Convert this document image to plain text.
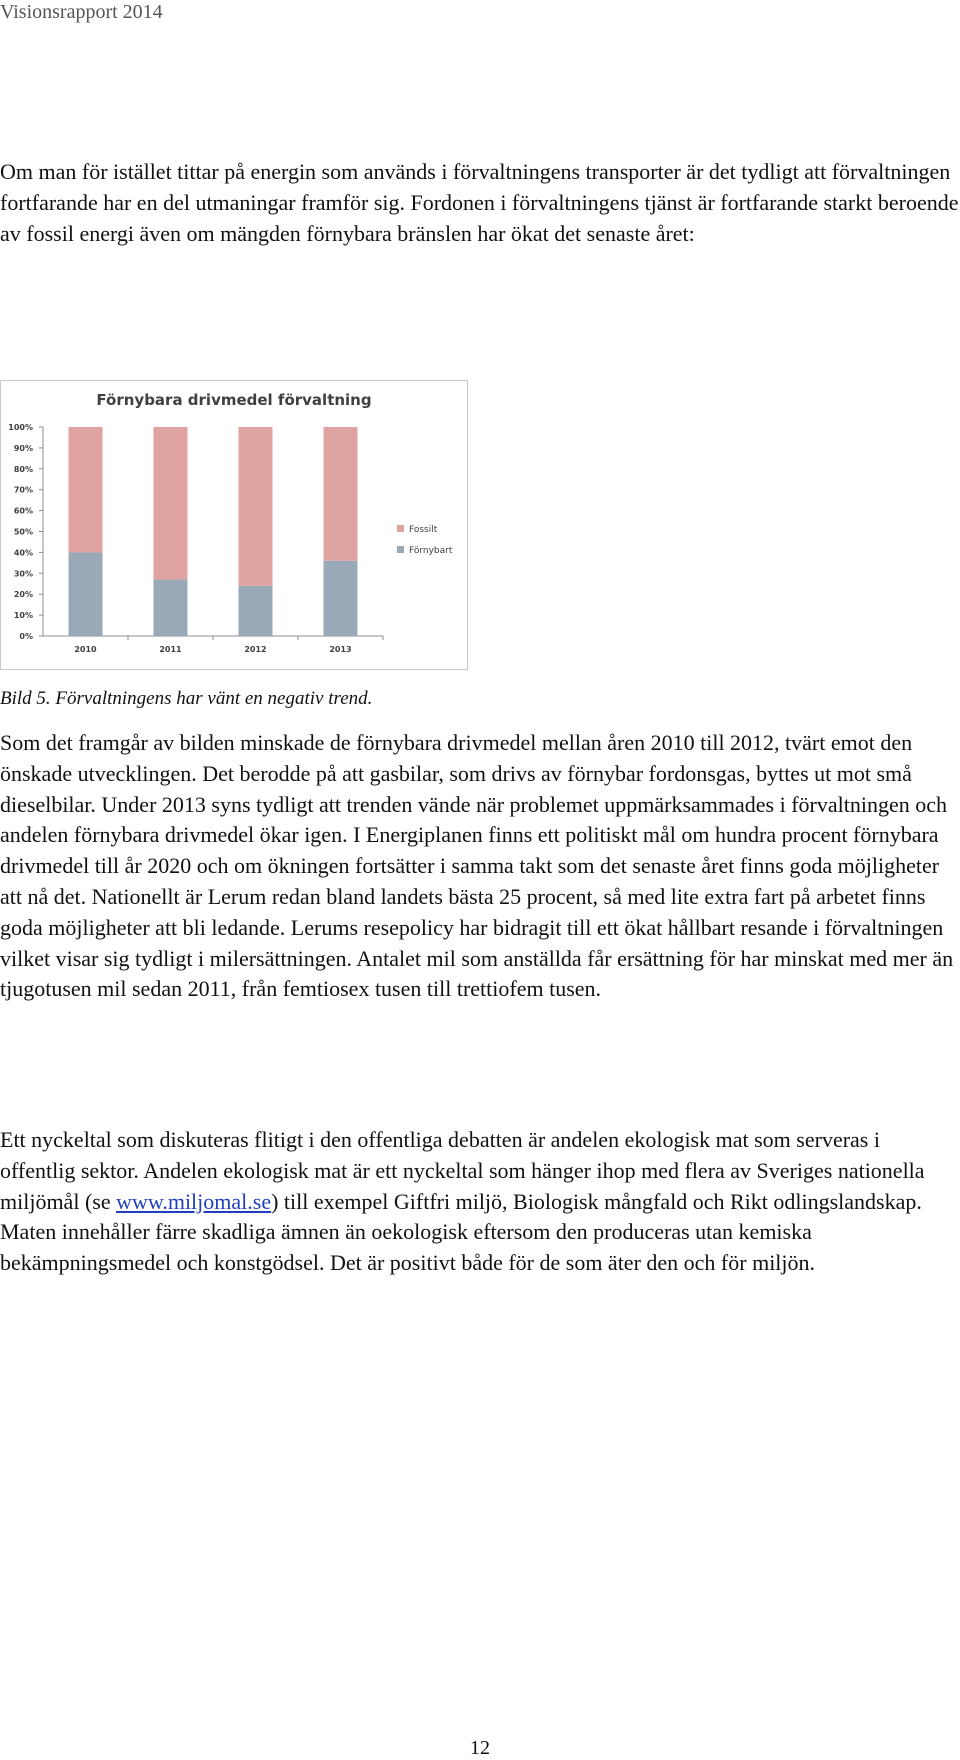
Visionsrapport 2014

Om man för istället tittar på energin som används i förvaltningens transporter är det tydligt att förvaltningen fortfarande har en del utmaningar framför sig. Fordonen i förvaltningens tjänst är fortfarande starkt beroende av fossil energi även om mängden förnybara bränslen har ökat det senaste året:

Förnybara drivmedel förvaltning
0%
10%
20%
30%
40%
50%
60%
70%
80%
90%
100%
2010	2011	2012	2013
Fossilt
Förnybart
Bild 5. Förvaltningens har vänt en negativ trend.

Som det framgår av bilden minskade de förnybara drivmedel mellan åren 2010 till 2012, tvärt emot den önskade utvecklingen. Det berodde på att gasbilar, som drivs av förnybar fordonsgas, byttes ut mot små dieselbilar. Under 2013 syns tydligt att trenden vände när problemet uppmärksammades i förvaltningen och andelen förnybara drivmedel ökar igen. I Energiplanen finns ett politiskt mål om hundra procent förnybara drivmedel till år 2020 och om ökningen fortsätter i samma takt som det senaste året finns goda möjligheter att nå det. Nationellt är Lerum redan bland landets bästa 25 procent, så med lite extra fart på arbetet finns goda möjligheter att bli ledande. Lerums resepolicy har bidragit till ett ökat hållbart resande i förvaltningen vilket visar sig tydligt i milersättningen. Antalet mil som anställda får ersättning för har minskat med mer än tjugotusen mil sedan 2011, från femtiosex tusen till trettiofem tusen.

Ett nyckeltal som diskuteras flitigt i den offentliga debatten är andelen ekologisk mat som serveras i offentlig sektor. Andelen ekologisk mat är ett nyckeltal som hänger ihop med flera av Sveriges nationella miljömål (se www.miljomal.se) till exempel Giftfri miljö, Biologisk mångfald och Rikt odlingslandskap. Maten innehåller färre skadliga ämnen än oekologisk eftersom den produceras utan kemiska bekämpningsmedel och konstgödsel. Det är positivt både för de som äter den och för miljön.

12
